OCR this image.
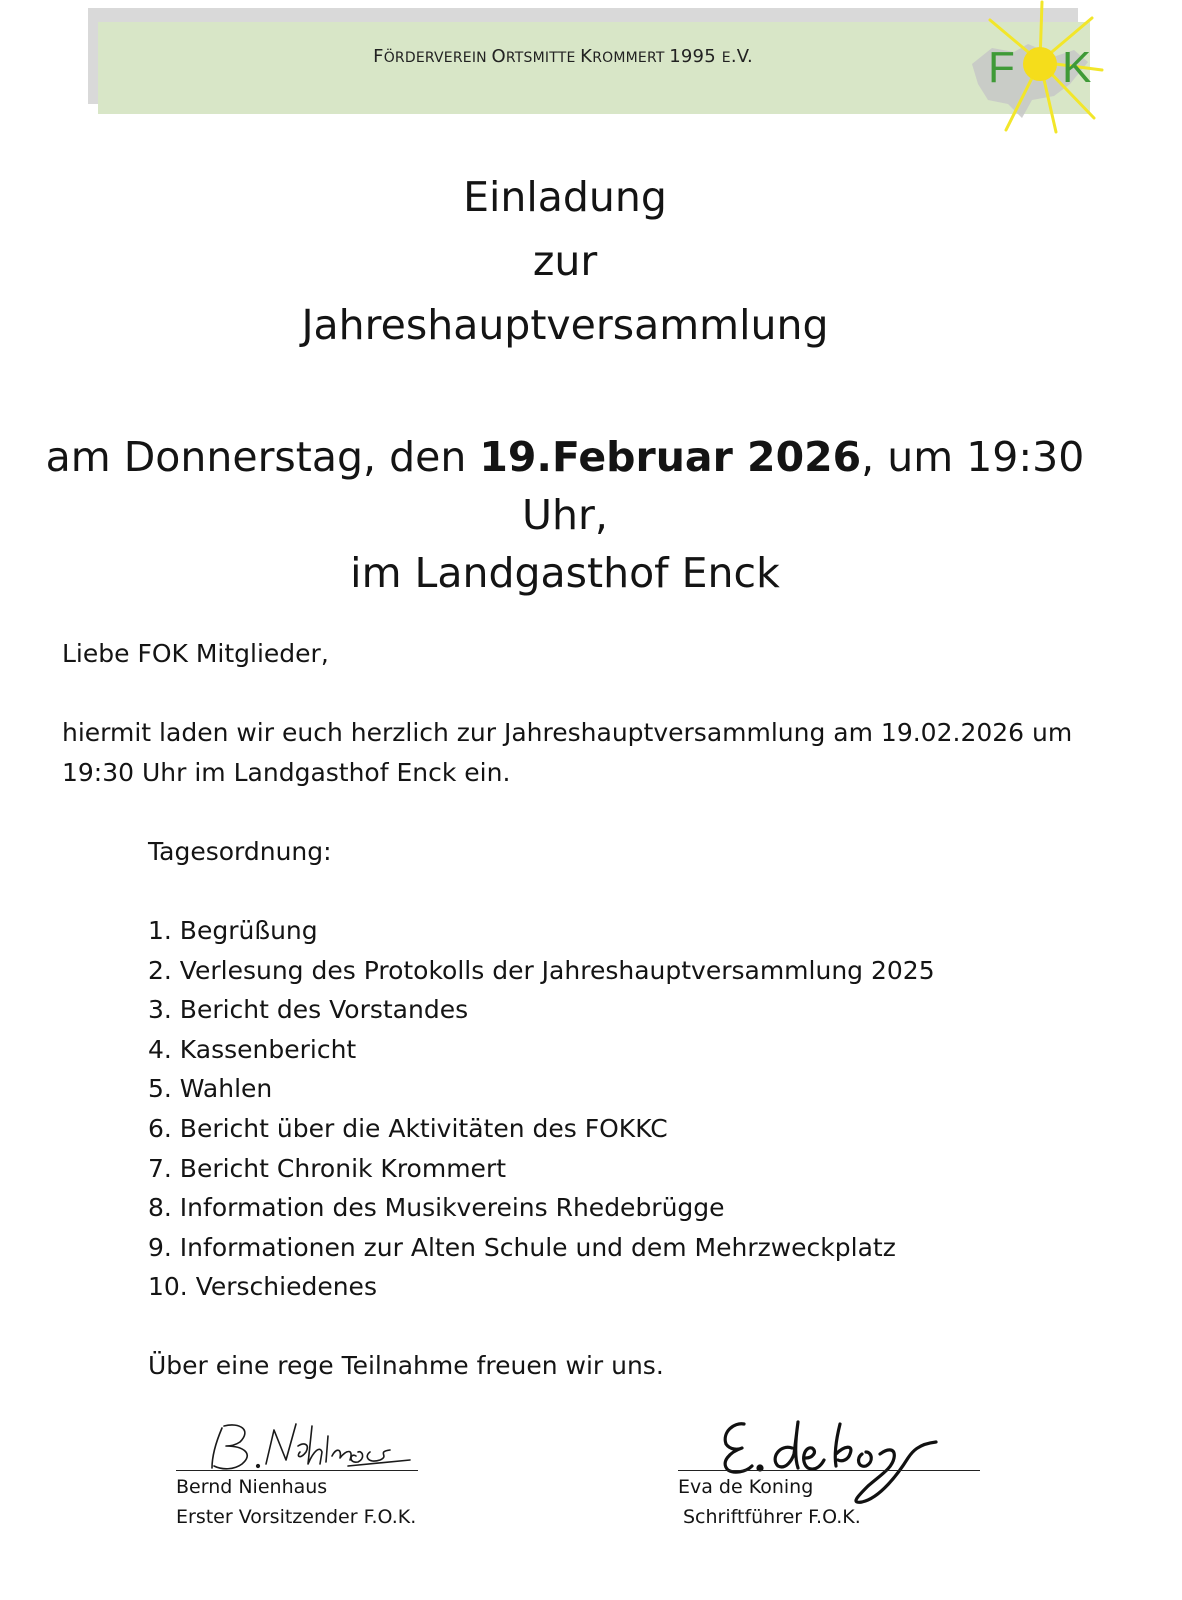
FÖRDERVEREIN ORTSMITTE KROMMERT 1995 E.V.	F K
Einladung
zur
Jahreshauptversammlung
am Donnerstag, den 19.Februar 2026, um 19:30 Uhr,
im Landgasthof Enck
Liebe FOK Mitglieder,
hiermit laden wir euch herzlich zur Jahreshauptversammlung am 19.02.2026 um 19:30 Uhr im Landgasthof Enck ein.
Tagesordnung:
1. Begrüßung
2. Verlesung des Protokolls der Jahreshauptversammlung 2025
3. Bericht des Vorstandes
4. Kassenbericht
5. Wahlen
6. Bericht über die Aktivitäten des FOKKC
7. Bericht Chronik Krommert
8. Information des Musikvereins Rhedebrügge
9. Informationen zur Alten Schule und dem Mehrzweckplatz
10. Verschiedenes
Über eine rege Teilnahme freuen wir uns.
Bernd Nienhaus
Erster Vorsitzender F.O.K.
Eva de Koning
Schriftführer F.O.K.
